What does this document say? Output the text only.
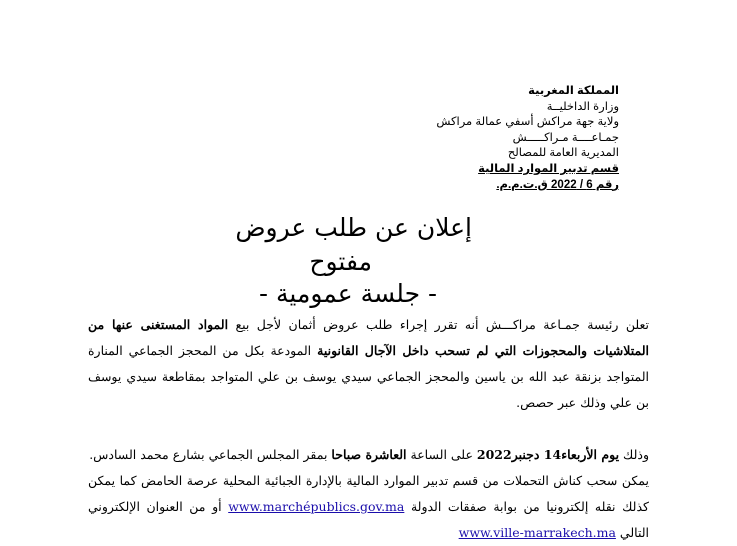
المملكة المغربية
وزارة الداخليــة
ولاية جهة مراكش أسفي عمالة مراكش
جمـاعــــة مـراكـــــش
المديرية العامة للمصالح
قسم تدبير الموارد المالية
رقم 6 / 2022 ق.ت.م.م.
إعلان عن طلب عروض
مفتوح
- جلسة عمومية -

تعلن رئيسة جمـاعة مراكـــش أنه تقرر إجراء طلب عروض أثمان لأجل بيع المواد المستغنى عنها من المتلاشيات والمحجوزات التي لم تسحب داخل الآجال القانونية المودعة بكل من المحجز الجماعي المنارة المتواجد بزنقة عبد الله بن ياسين والمحجز الجماعي سيدي يوسف بن علي المتواجد بمقاطعة سيدي يوسف بن علي وذلك عبر حصص.

وذلك يوم الأربعاء14 دجنبر2022 على الساعة العاشرة صباحا بمقر المجلس الجماعي بشارع محمد السادس.

يمكن سحب كناش التحملات من قسم تدبير الموارد المالية بالإدارة الجبائية المحلية عرصة الحامض كما يمكن كذلك نقله إلكترونيا من بوابة صفقات الدولة www.marchépublics.gov.ma أو من العنوان الإلكتروني التالي www.ville-marrakech.ma
